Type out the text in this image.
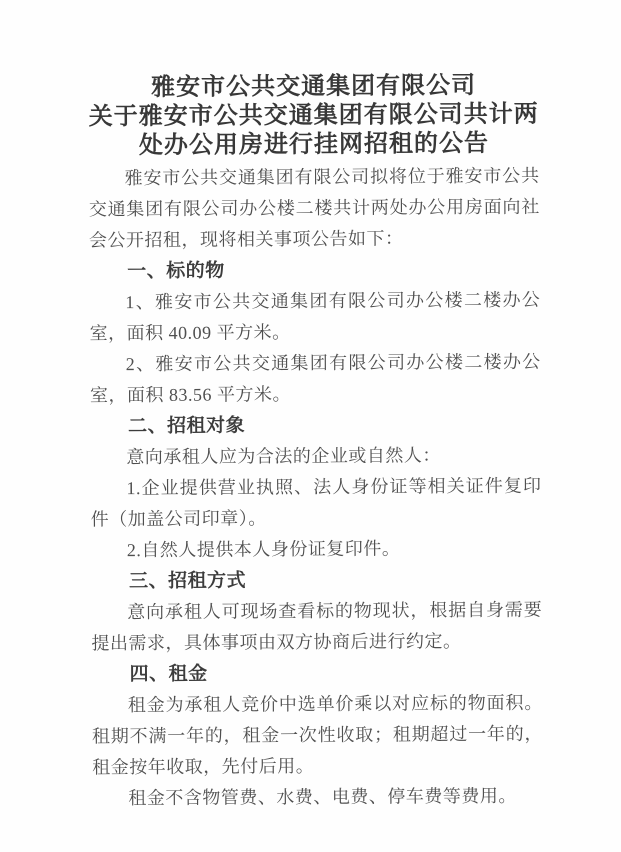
雅安市公共交通集团有限公司
关于雅安市公共交通集团有限公司共计两
处办公用房进行挂网招租的公告

雅安市公共交通集团有限公司拟将位于雅安市公共交通集团有限公司办公楼二楼共计两处办公用房面向社会公开招租，现将相关事项公告如下：

一、标的物

1、雅安市公共交通集团有限公司办公楼二楼办公室，面积 40.09 平方米。

2、雅安市公共交通集团有限公司办公楼二楼办公室，面积 83.56 平方米。

二、招租对象

意向承租人应为合法的企业或自然人：

1.企业提供营业执照、法人身份证等相关证件复印件（加盖公司印章）。

2.自然人提供本人身份证复印件。

三、招租方式

意向承租人可现场查看标的物现状，根据自身需要提出需求，具体事项由双方协商后进行约定。

四、租金

租金为承租人竞价中选单价乘以对应标的物面积。租期不满一年的，租金一次性收取；租期超过一年的，租金按年收取，先付后用。

租金不含物管费、水费、电费、停车费等费用。
